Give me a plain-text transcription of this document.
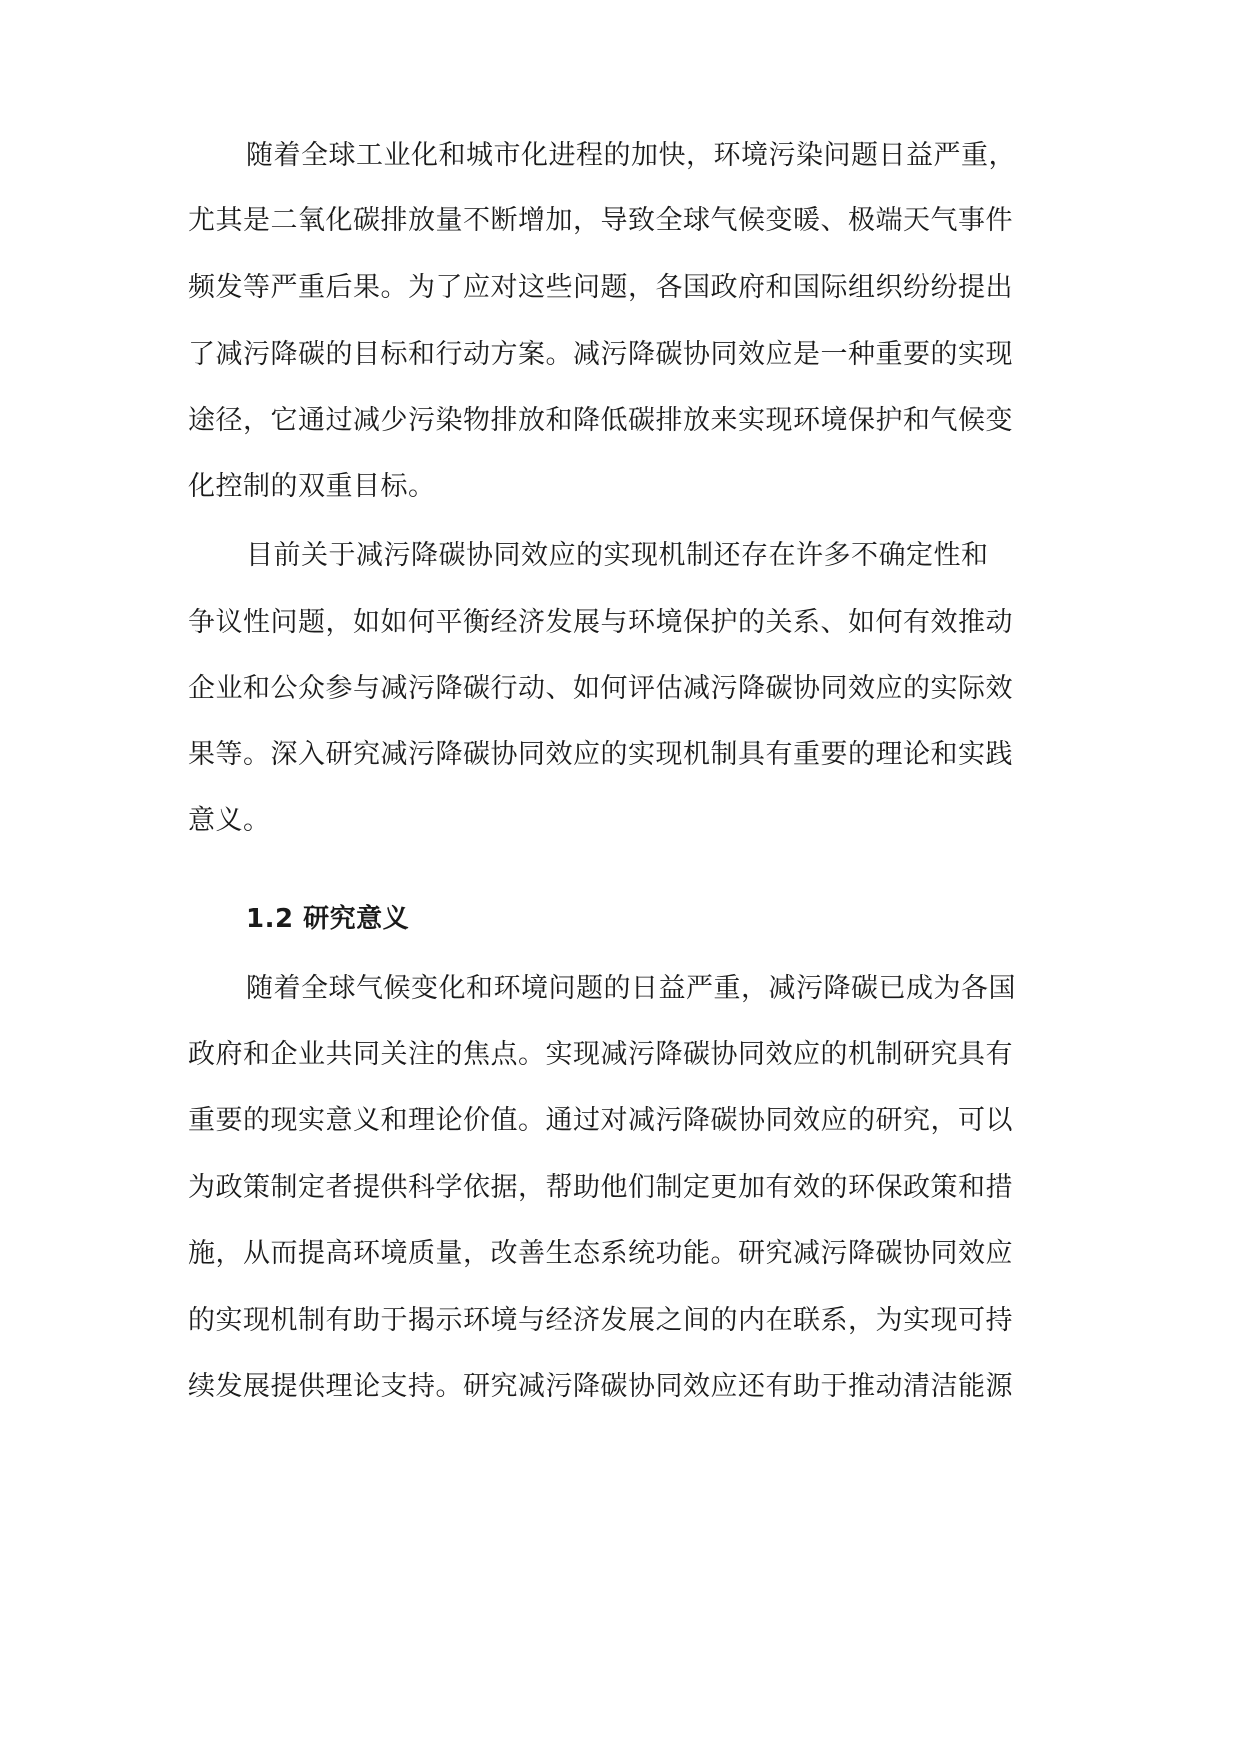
随着全球工业化和城市化进程的加快，环境污染问题日益严重，

尤其是二氧化碳排放量不断增加，导致全球气候变暖、极端天气事件

频发等严重后果。为了应对这些问题，各国政府和国际组织纷纷提出

了减污降碳的目标和行动方案。减污降碳协同效应是一种重要的实现

途径，它通过减少污染物排放和降低碳排放来实现环境保护和气候变

化控制的双重目标。

目前关于减污降碳协同效应的实现机制还存在许多不确定性和

争议性问题，如如何平衡经济发展与环境保护的关系、如何有效推动

企业和公众参与减污降碳行动、如何评估减污降碳协同效应的实际效

果等。深入研究减污降碳协同效应的实现机制具有重要的理论和实践

意义。

1.2 研究意义

随着全球气候变化和环境问题的日益严重，减污降碳已成为各国

政府和企业共同关注的焦点。实现减污降碳协同效应的机制研究具有

重要的现实意义和理论价值。通过对减污降碳协同效应的研究，可以

为政策制定者提供科学依据，帮助他们制定更加有效的环保政策和措

施，从而提高环境质量，改善生态系统功能。研究减污降碳协同效应

的实现机制有助于揭示环境与经济发展之间的内在联系，为实现可持

续发展提供理论支持。研究减污降碳协同效应还有助于推动清洁能源
